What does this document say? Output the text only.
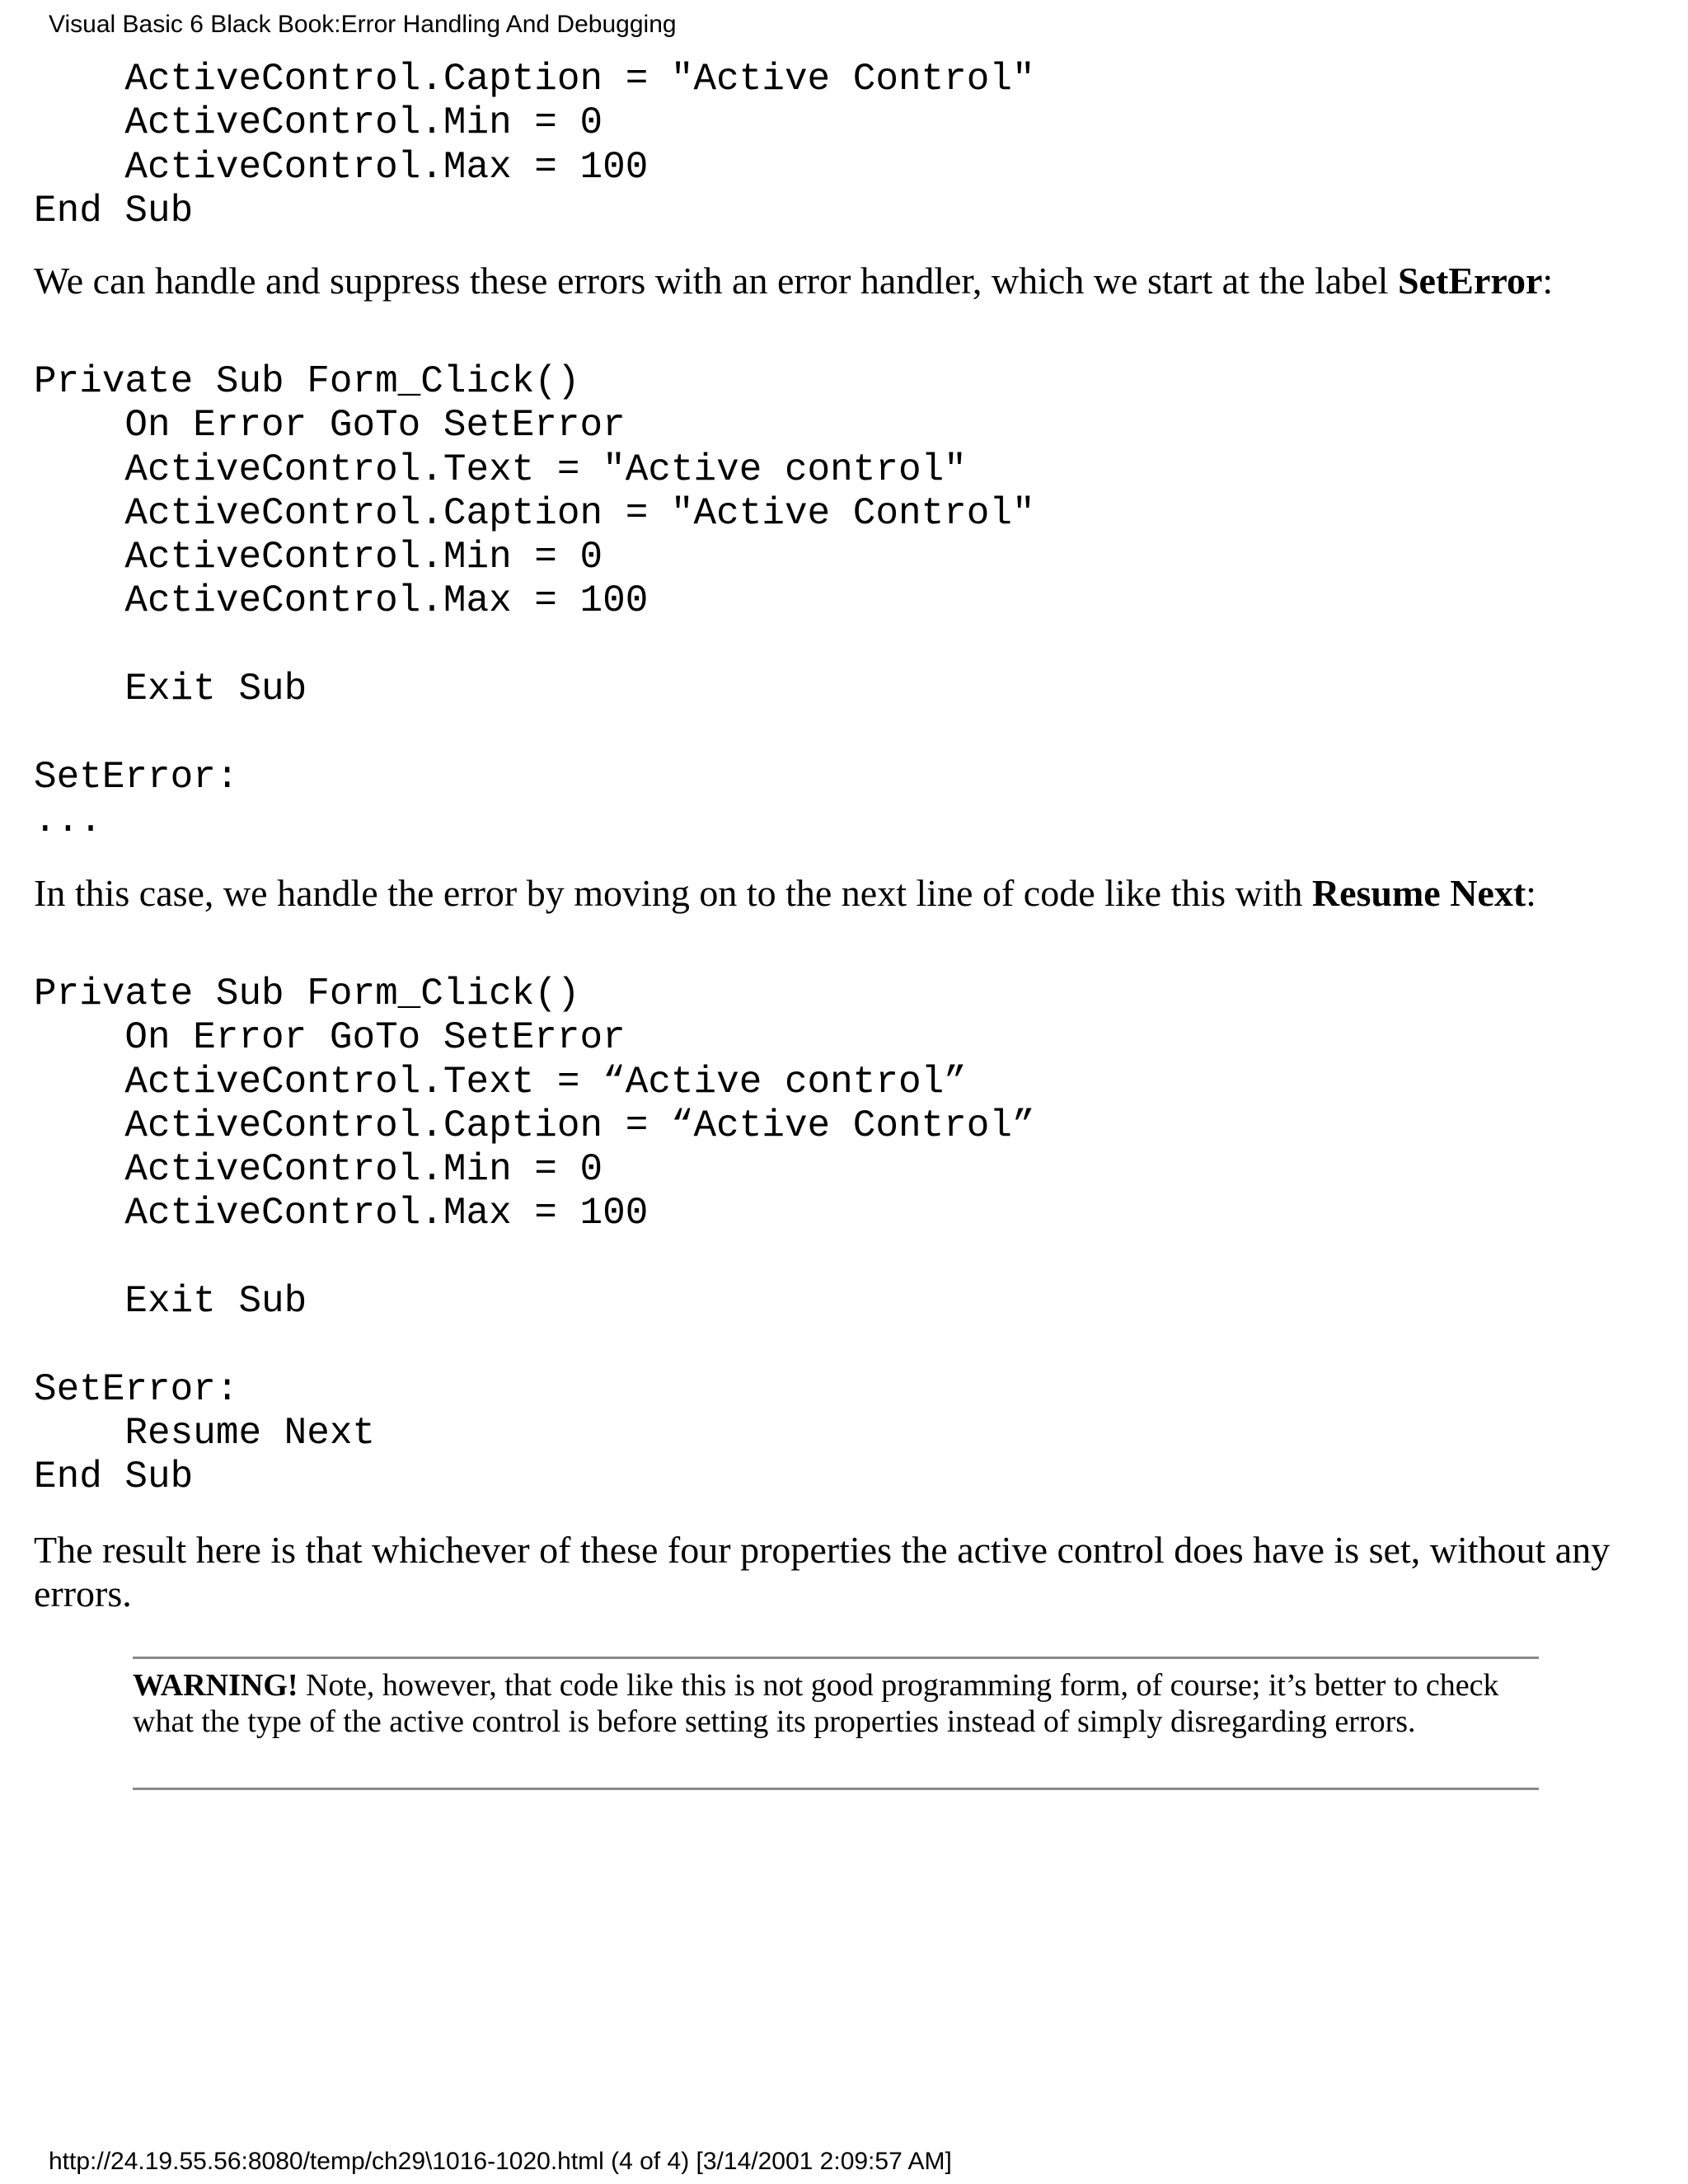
Visual Basic 6 Black Book:Error Handling And Debugging
ActiveControl.Caption = "Active Control"
ActiveControl.Min = 0
ActiveControl.Max = 100
End Sub

We can handle and suppress these errors with an error handler, which we start at the label SetError:

Private Sub Form_Click()
On Error GoTo SetError
ActiveControl.Text = "Active control"
ActiveControl.Caption = "Active Control"
ActiveControl.Min = 0
ActiveControl.Max = 100
Exit Sub
SetError:
...

In this case, we handle the error by moving on to the next line of code like this with Resume Next:

Private Sub Form_Click()
On Error GoTo SetError
ActiveControl.Text = “Active control”
ActiveControl.Caption = “Active Control”
ActiveControl.Min = 0
ActiveControl.Max = 100
Exit Sub
SetError:
Resume Next
End Sub

The result here is that whichever of these four properties the active control does have is set, without any errors.

WARNING! Note, however, that code like this is not good programming form, of course; it’s better to check what the type of the active control is before setting its properties instead of simply disregarding errors.

http://24.19.55.56:8080/temp/ch29\1016-1020.html (4 of 4) [3/14/2001 2:09:57 AM]
